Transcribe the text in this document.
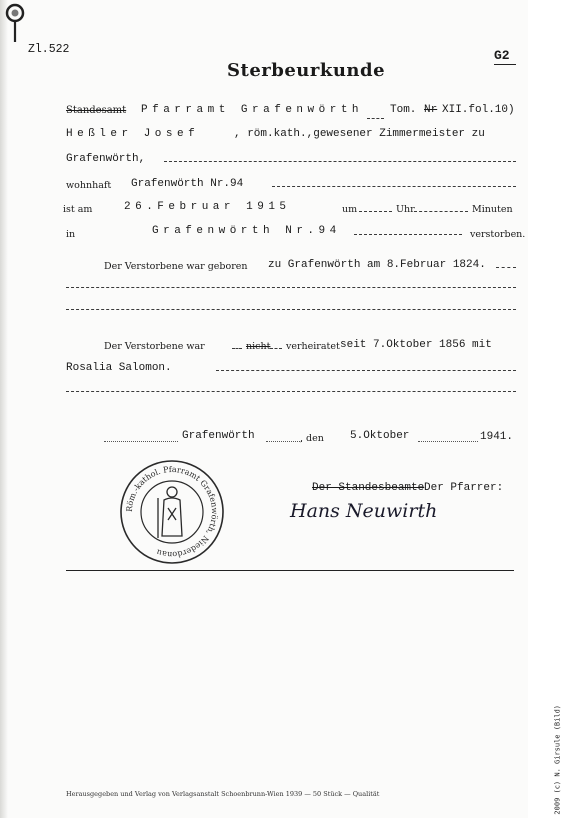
Zl.522	G2
Sterbeurkunde
Standesamt Pfarramt Grafenwörth Tom. Nr XII.fol.10)
Heßler Josef	, röm.kath.,gewesener Zimmermeister zu
Grafenwörth,
wohnhaft Grafenwörth Nr.94
ist am	26.Februar 1915	um	Uhr	Minuten
in	Grafenwörth Nr.94	verstorben.
Der Verstorbene war geboren zu Grafenwörth am 8.Februar 1824.
Der Verstorbene war	nicht verheiratet seit 7.Oktober 1856 mit
Rosalia Salomon.
Grafenwörth	, den 5.Oktober	1941.
Röm.-kathol. Pfarramt Grafenwörth, Niederdonau
Der Standesbeamte Der Pfarrer:
Hans Neuwirth
Herausgegeben und Verlag von Verlagsanstalt Schoenbrunn-Wien 1939 — 50 Stück — Qualität	2009 (c) N. Girsule (Bild)
